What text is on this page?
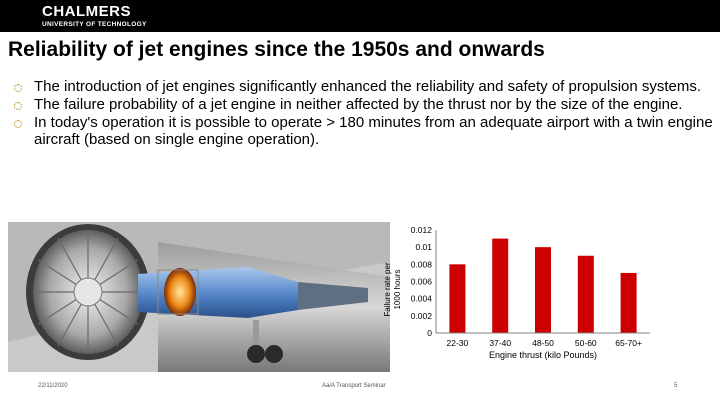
CHALMERS
UNIVERSITY OF TECHNOLOGY
Reliability of jet engines since the 1950s and onwards
The introduction of jet engines significantly enhanced the reliability and safety of propulsion systems.
The failure probability of a jet engine in neither affected by the thrust nor by the size of the engine.
In today's operation it is possible to operate > 180 minutes from an adequate airport with a twin engine aircraft (based on single engine operation).
Failure rate per 1000 hours
0
0.002
0.004
0.006
0.008
0.01
0.012
22-30 37-40 48-50 50-60 65-70+
Engine thrust (kilo Pounds)
22/11/2020	Aa/A Transport Seminar	5
